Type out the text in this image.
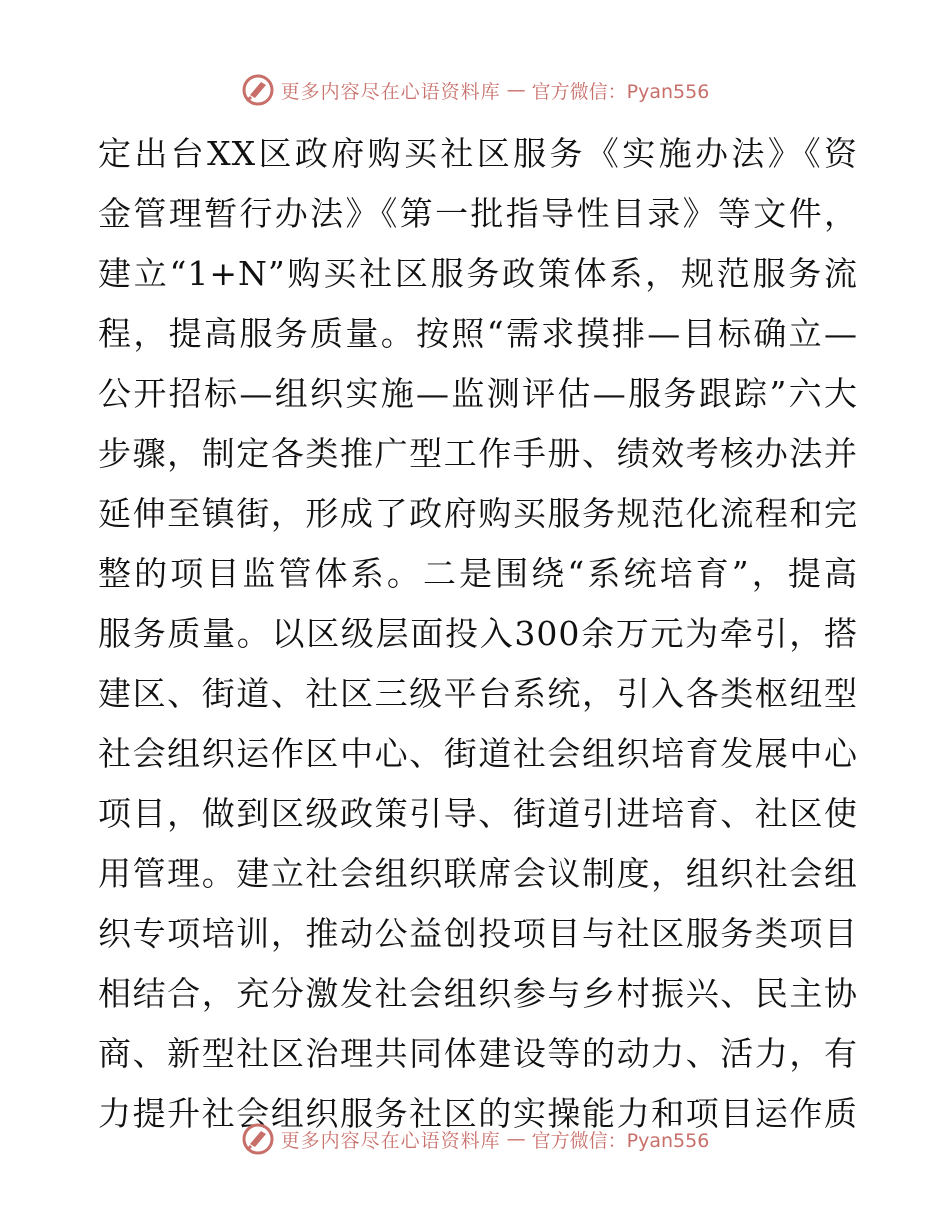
更多内容尽在心语资料库 — 官方微信：Pyan556
定出台XX区政府购买社区服务《实施办法》《资
金管理暂行办法》《第一批指导性目录》等文件，
建立“1+N”购买社区服务政策体系，规范服务流
程，提高服务质量。按照“需求摸排—目标确立—
公开招标—组织实施—监测评估—服务跟踪”六大
步骤，制定各类推广型工作手册、绩效考核办法并
延伸至镇街，形成了政府购买服务规范化流程和完
整的项目监管体系。二是围绕“系统培育”，提高
服务质量。以区级层面投入300余万元为牵引，搭
建区、街道、社区三级平台系统，引入各类枢纽型
社会组织运作区中心、街道社会组织培育发展中心
项目，做到区级政策引导、街道引进培育、社区使
用管理。建立社会组织联席会议制度，组织社会组
织专项培训，推动公益创投项目与社区服务类项目
相结合，充分激发社会组织参与乡村振兴、民主协
商、新型社区治理共同体建设等的动力、活力，有
力提升社会组织服务社区的实操能力和项目运作质
更多内容尽在心语资料库 — 官方微信：Pyan556
